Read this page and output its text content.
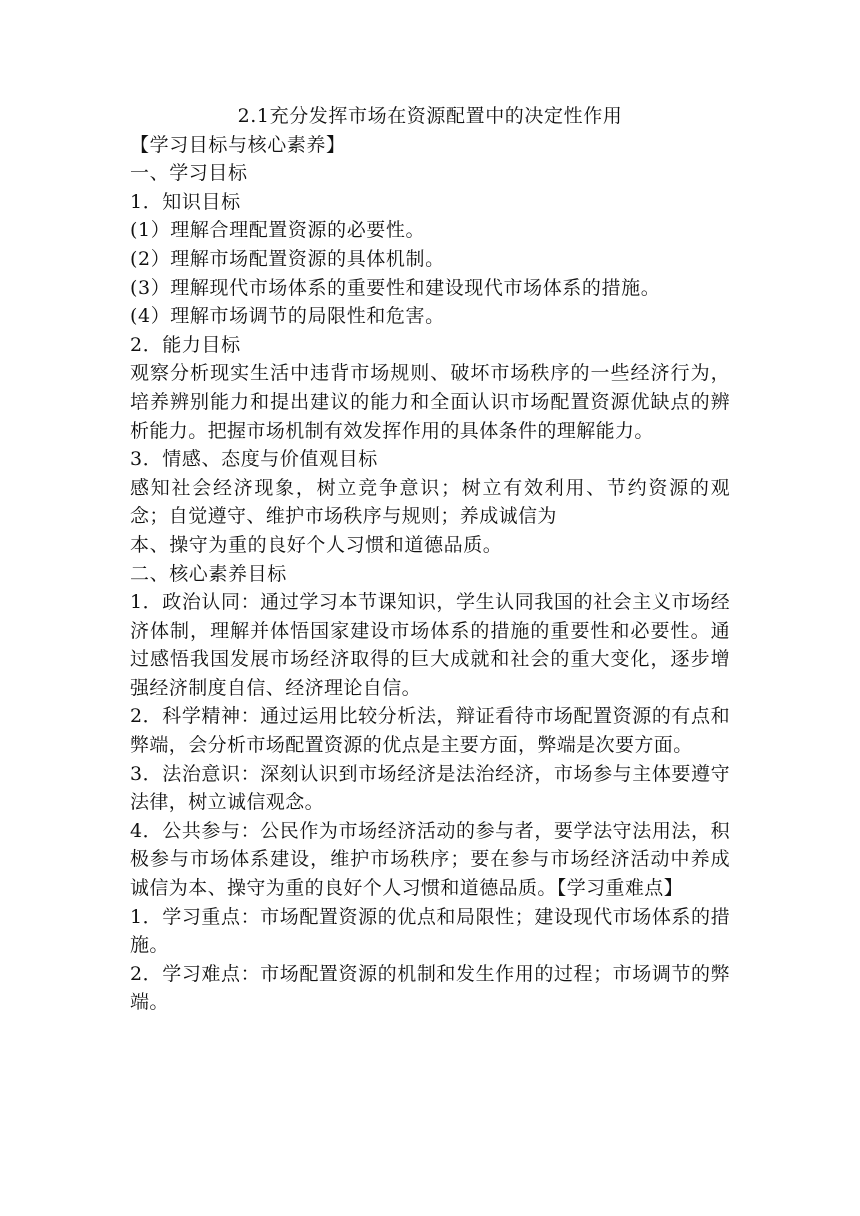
2.1充分发挥市场在资源配置中的决定性作用

【学习目标与核心素养】

一、学习目标

1．知识目标

(1）理解合理配置资源的必要性。

(2）理解市场配置资源的具体机制。

(3）理解现代市场体系的重要性和建设现代市场体系的措施。

(4）理解市场调节的局限性和危害。

2．能力目标

观察分析现实生活中违背市场规则、破坏市场秩序的一些经济行为，培养辨别能力和提出建议的能力和全面认识市场配置资源优缺点的辨析能力。把握市场机制有效发挥作用的具体条件的理解能力。

3．情感、态度与价值观目标

感知社会经济现象，树立竞争意识；树立有效利用、节约资源的观念；自觉遵守、维护市场秩序与规则；养成诚信为

本、操守为重的良好个人习惯和道德品质。

二、核心素养目标

1．政治认同：通过学习本节课知识，学生认同我国的社会主义市场经济体制，理解并体悟国家建设市场体系的措施的重要性和必要性。通过感悟我国发展市场经济取得的巨大成就和社会的重大变化，逐步增强经济制度自信、经济理论自信。

2．科学精神：通过运用比较分析法，辩证看待市场配置资源的有点和弊端，会分析市场配置资源的优点是主要方面，弊端是次要方面。

3．法治意识：深刻认识到市场经济是法治经济，市场参与主体要遵守法律，树立诚信观念。

4．公共参与：公民作为市场经济活动的参与者，要学法守法用法，积极参与市场体系建设，维护市场秩序；要在参与市场经济活动中养成诚信为本、操守为重的良好个人习惯和道德品质。【学习重难点】

1．学习重点：市场配置资源的优点和局限性；建设现代市场体系的措施。

2．学习难点：市场配置资源的机制和发生作用的过程；市场调节的弊端。
